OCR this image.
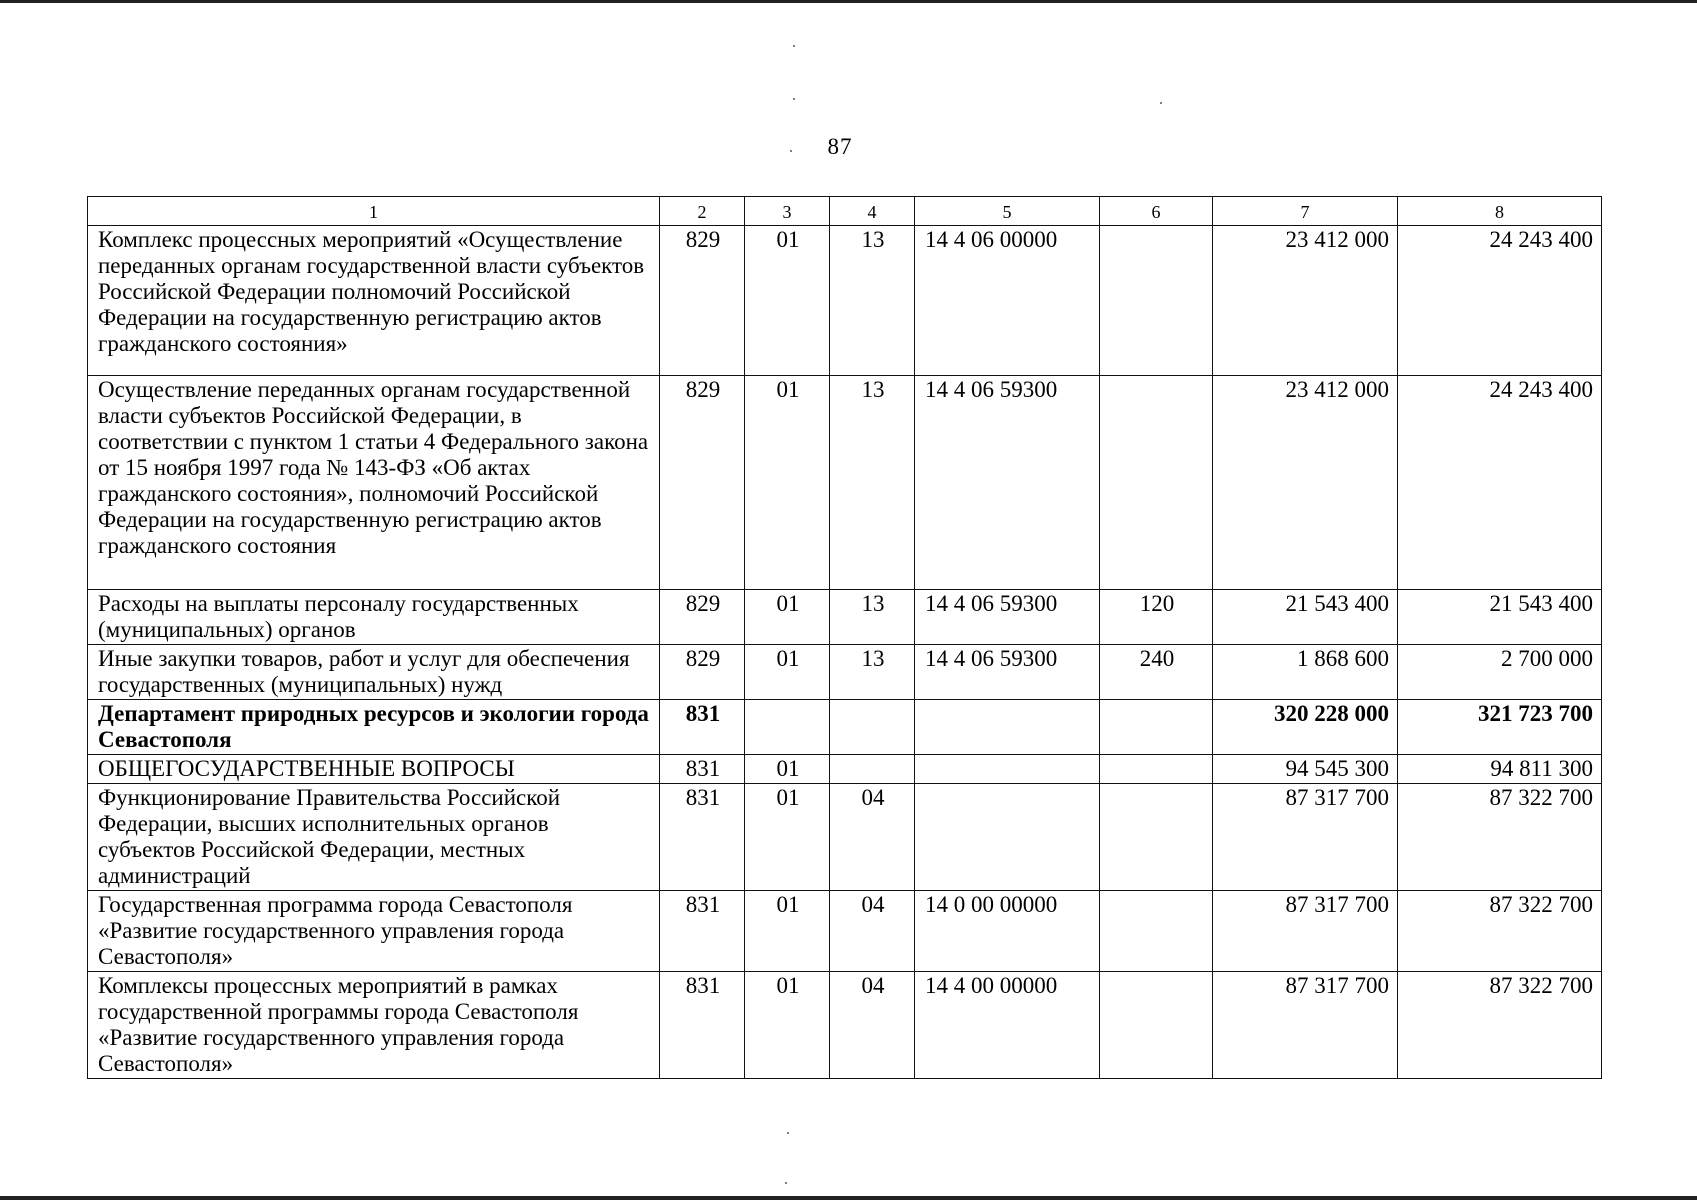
87
1	2	3	4	5	6	7	8
Комплекс процессных мероприятий «Осуществление переданных органам государственной власти субъектов Российской Федерации полномочий Российской Федерации на государственную регистрацию актов гражданского состояния»	829	01	13	14 4 06 00000		23 412 000	24 243 400
Осуществление переданных органам государственной власти субъектов Российской Федерации, в соответствии с пунктом 1 статьи 4 Федерального закона от 15 ноября 1997 года № 143-ФЗ «Об актах гражданского состояния», полномочий Российской Федерации на государственную регистрацию актов гражданского состояния	829	01	13	14 4 06 59300		23 412 000	24 243 400
Расходы на выплаты персоналу государственных (муниципальных) органов	829	01	13	14 4 06 59300	120	21 543 400	21 543 400
Иные закупки товаров, работ и услуг для обеспечения государственных (муниципальных) нужд	829	01	13	14 4 06 59300	240	1 868 600	2 700 000
Департамент природных ресурсов и экологии города Севастополя	831					320 228 000	321 723 700
ОБЩЕГОСУДАРСТВЕННЫЕ ВОПРОСЫ	831	01				94 545 300	94 811 300
Функционирование Правительства Российской Федерации, высших исполнительных органов субъектов Российской Федерации, местных администраций	831	01	04			87 317 700	87 322 700
Государственная программа города Севастополя «Развитие государственного управления города Севастополя»	831	01	04	14 0 00 00000		87 317 700	87 322 700
Комплексы процессных мероприятий в рамках государственной программы города Севастополя «Развитие государственного управления города Севастополя»	831	01	04	14 4 00 00000		87 317 700	87 322 700
